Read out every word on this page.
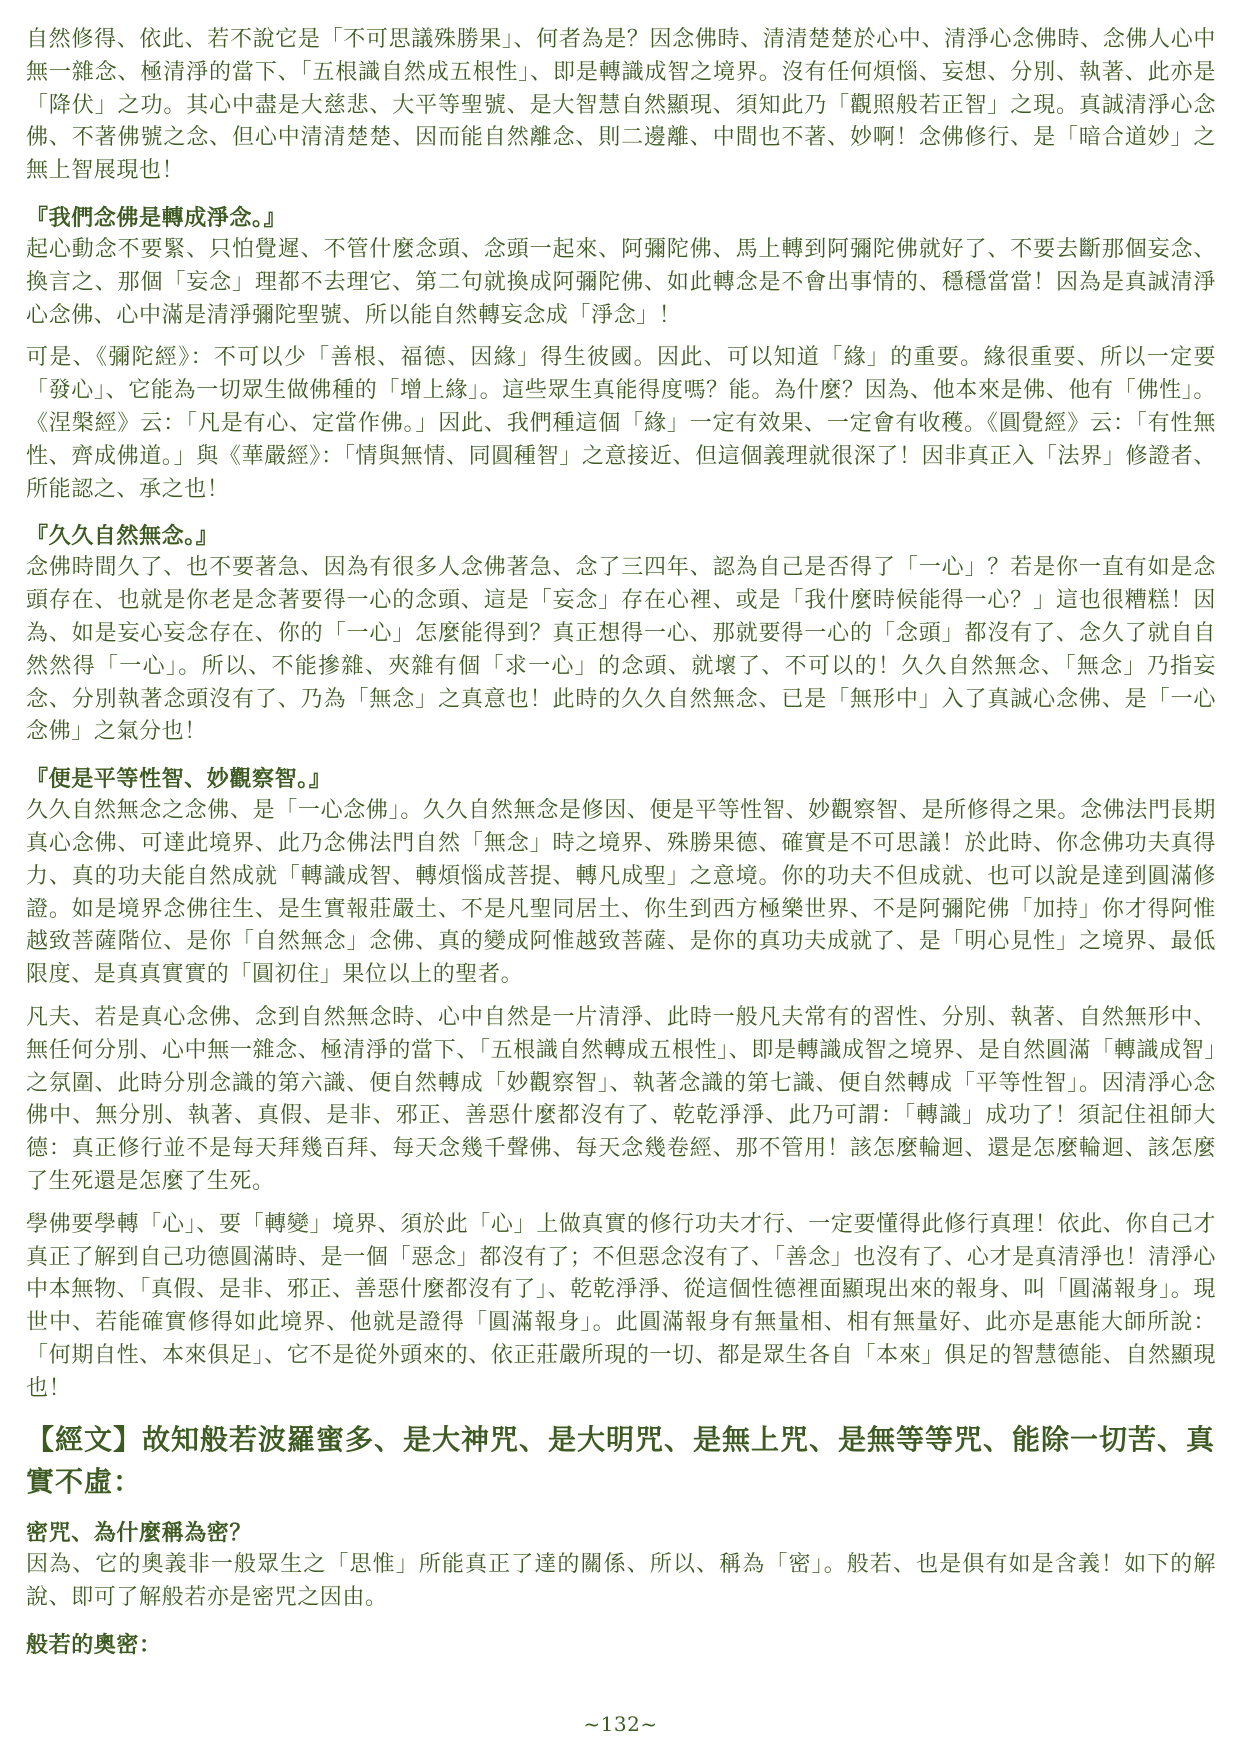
自然修得、依此、若不說它是「不可思議殊勝果」、何者為是？因念佛時、清清楚楚於心中、清淨心念佛時、念佛人心中無一雜念、極清淨的當下、「五根識自然成五根性」、即是轉識成智之境界。沒有任何煩惱、妄想、分別、執著、此亦是「降伏」之功。其心中盡是大慈悲、大平等聖號、是大智慧自然顯現、須知此乃「觀照般若正智」之現。真誠清淨心念佛、不著佛號之念、但心中清清楚楚、因而能自然離念、則二邊離、中間也不著、妙啊！念佛修行、是「暗合道妙」之無上智展現也！

『我們念佛是轉成淨念。』

起心動念不要緊、只怕覺遲、不管什麼念頭、念頭一起來、阿彌陀佛、馬上轉到阿彌陀佛就好了、不要去斷那個妄念、換言之、那個「妄念」理都不去理它、第二句就換成阿彌陀佛、如此轉念是不會出事情的、穩穩當當！因為是真誠清淨心念佛、心中滿是清淨彌陀聖號、所以能自然轉妄念成「淨念」！

可是、《彌陀經》：不可以少「善根、福德、因緣」得生彼國。因此、可以知道「緣」的重要。緣很重要、所以一定要「發心」、它能為一切眾生做佛種的「增上緣」。這些眾生真能得度嗎？能。為什麼？因為、他本來是佛、他有「佛性」。《涅槃經》云：「凡是有心、定當作佛。」因此、我們種這個「緣」一定有效果、一定會有收穫。《圓覺經》云：「有性無性、齊成佛道。」與《華嚴經》：「情與無情、同圓種智」之意接近、但這個義理就很深了！因非真正入「法界」修證者、所能認之、承之也！

『久久自然無念。』

念佛時間久了、也不要著急、因為有很多人念佛著急、念了三四年、認為自己是否得了「一心」？若是你一直有如是念頭存在、也就是你老是念著要得一心的念頭、這是「妄念」存在心裡、或是「我什麼時候能得一心？」這也很糟糕！因為、如是妄心妄念存在、你的「一心」怎麼能得到？真正想得一心、那就要得一心的「念頭」都沒有了、念久了就自自然然得「一心」。所以、不能摻雜、夾雜有個「求一心」的念頭、就壞了、不可以的！久久自然無念、「無念」乃指妄念、分別執著念頭沒有了、乃為「無念」之真意也！此時的久久自然無念、已是「無形中」入了真誠心念佛、是「一心念佛」之氣分也！

『便是平等性智、妙觀察智。』

久久自然無念之念佛、是「一心念佛」。久久自然無念是修因、便是平等性智、妙觀察智、是所修得之果。念佛法門長期真心念佛、可達此境界、此乃念佛法門自然「無念」時之境界、殊勝果德、確實是不可思議！於此時、你念佛功夫真得力、真的功夫能自然成就「轉識成智、轉煩惱成菩提、轉凡成聖」之意境。你的功夫不但成就、也可以說是達到圓滿修證。如是境界念佛往生、是生實報莊嚴土、不是凡聖同居土、你生到西方極樂世界、不是阿彌陀佛「加持」你才得阿惟越致菩薩階位、是你「自然無念」念佛、真的變成阿惟越致菩薩、是你的真功夫成就了、是「明心見性」之境界、最低限度、是真真實實的「圓初住」果位以上的聖者。

凡夫、若是真心念佛、念到自然無念時、心中自然是一片清淨、此時一般凡夫常有的習性、分別、執著、自然無形中、無任何分別、心中無一雜念、極清淨的當下、「五根識自然轉成五根性」、即是轉識成智之境界、是自然圓滿「轉識成智」之氛圍、此時分別念識的第六識、便自然轉成「妙觀察智」、執著念識的第七識、便自然轉成「平等性智」。因清淨心念佛中、無分別、執著、真假、是非、邪正、善惡什麼都沒有了、乾乾淨淨、此乃可謂：「轉識」成功了！須記住祖師大德：真正修行並不是每天拜幾百拜、每天念幾千聲佛、每天念幾卷經、那不管用！該怎麼輪迴、還是怎麼輪迴、該怎麼了生死還是怎麼了生死。

學佛要學轉「心」、要「轉變」境界、須於此「心」上做真實的修行功夫才行、一定要懂得此修行真理！依此、你自己才真正了解到自己功德圓滿時、是一個「惡念」都沒有了；不但惡念沒有了、「善念」也沒有了、心才是真清淨也！清淨心中本無物、「真假、是非、邪正、善惡什麼都沒有了」、乾乾淨淨、從這個性德裡面顯現出來的報身、叫「圓滿報身」。現世中、若能確實修得如此境界、他就是證得「圓滿報身」。此圓滿報身有無量相、相有無量好、此亦是惠能大師所說：「何期自性、本來俱足」、它不是從外頭來的、依正莊嚴所現的一切、都是眾生各自「本來」俱足的智慧德能、自然顯現也！

【經文】故知般若波羅蜜多、是大神咒、是大明咒、是無上咒、是無等等咒、能除一切苦、真實不虛：
密咒、為什麼稱為密？

因為、它的奧義非一般眾生之「思惟」所能真正了達的關係、所以、稱為「密」。般若、也是俱有如是含義！如下的解說、即可了解般若亦是密咒之因由。

般若的奧密：
~132~
